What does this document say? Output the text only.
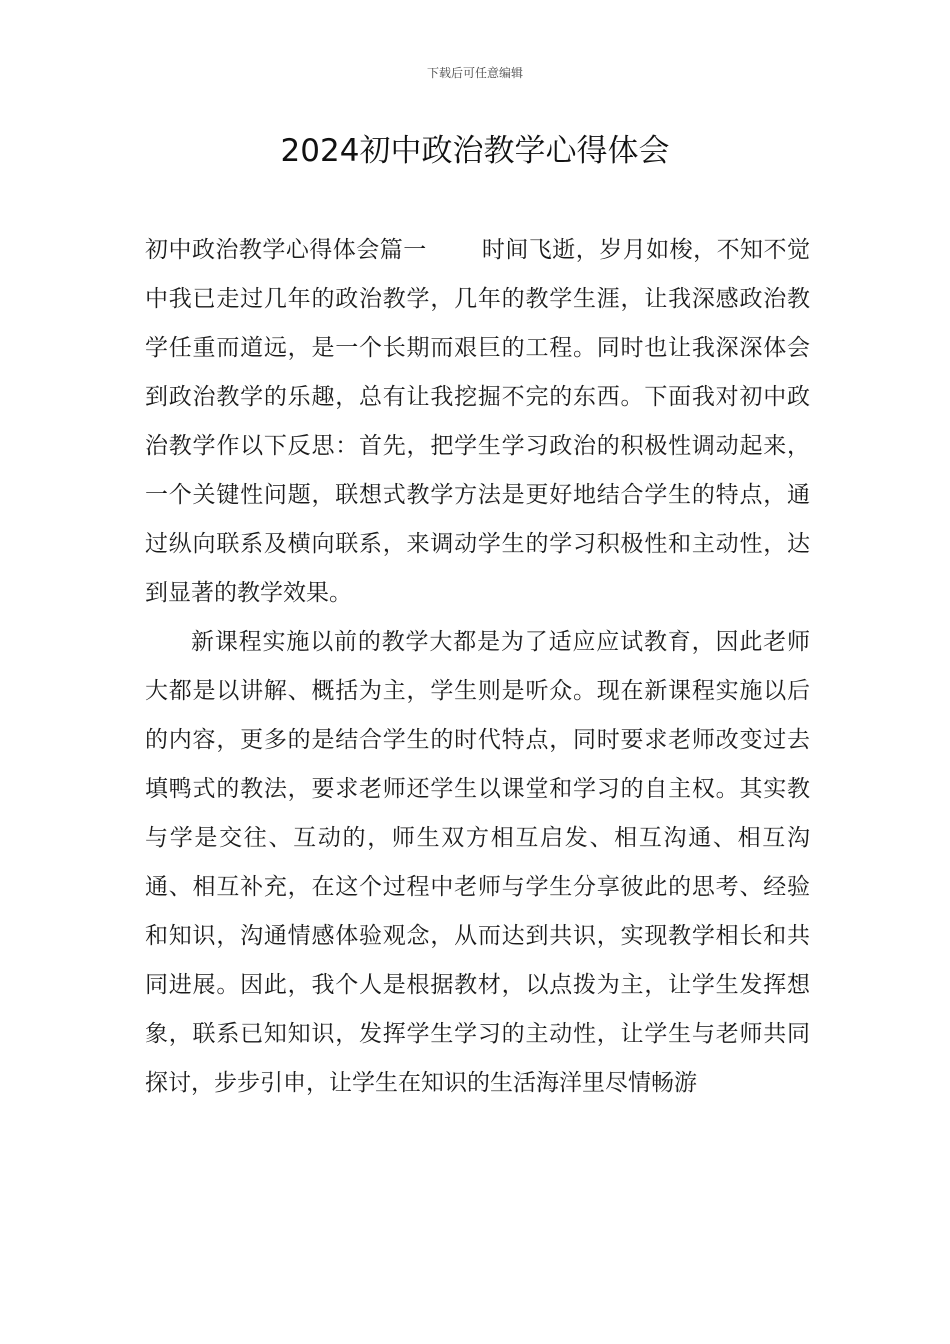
下载后可任意编辑
2024初中政治教学心得体会

初中政治教学心得体会篇一 时间飞逝，岁月如梭，不知不觉中我已走过几年的政治教学，几年的教学生涯，让我深感政治教学任重而道远，是一个长期而艰巨的工程。同时也让我深深体会到政治教学的乐趣，总有让我挖掘不完的东西。下面我对初中政治教学作以下反思：首先，把学生学习政治的积极性调动起来，一个关键性问题，联想式教学方法是更好地结合学生的特点，通过纵向联系及横向联系，来调动学生的学习积极性和主动性，达到显著的教学效果。

新课程实施以前的教学大都是为了适应应试教育，因此老师大都是以讲解、概括为主，学生则是听众。现在新课程实施以后的内容，更多的是结合学生的时代特点，同时要求老师改变过去填鸭式的教法，要求老师还学生以课堂和学习的自主权。其实教与学是交往、互动的，师生双方相互启发、相互沟通、相互沟通、相互补充，在这个过程中老师与学生分享彼此的思考、经验和知识，沟通情感体验观念，从而达到共识，实现教学相长和共同进展。因此，我个人是根据教材，以点拨为主，让学生发挥想象，联系已知知识，发挥学生学习的主动性，让学生与老师共同探讨，步步引申，让学生在知识的生活海洋里尽情畅游
